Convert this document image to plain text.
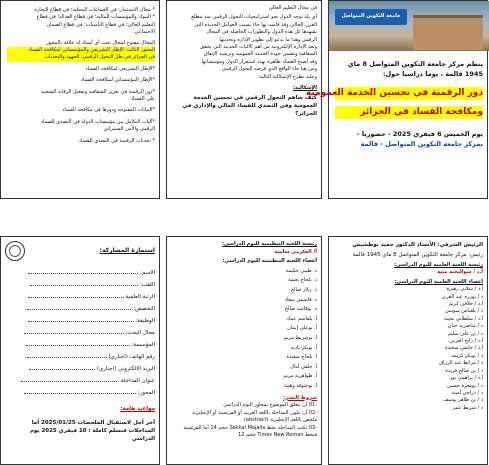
* مجال الاستثمار: في الجماعات المحلية؛ في قطاع التجارة
* البنوك والمؤسسات المالية؛ في قطاع العدالة؛ في قطاع
التعليم العالي؛ في قطاع التأمينات؛ في قطاع الضمان
الاجتماعي.
المجال مفتوح لمجال بحث أي أستاذ له علاقة بالمحور
المحور الثالث: الإطار التشريعي والمؤسساتي لمكافحة الفساد
في الجزائر في ظل التحول الرقمي: الجهود والتحديات
*الإطار التشريعي لمكافحة الفساد
*الإطار المؤسساتي لمكافحة الفساد
*دور الرقمنة في تعزيز الشفافية وتفعيل الرقابة الشعبية
على الفساد
*البيانات المفتوحة ودورها في مكافحة الفساد
*آليات التكامل بين مؤسسات الدولة في التصدي للفساد
الرقمي والأمن السيبراني
* تحديات الرقمنة في التصدي للفساد
في مجال التعليم العالي
أي بلد توجه الدول نحو استراتيجيات التحول الرقمي منذ مطلع
القرن الحالي وقد قامت بها جاء بسبب العوامل الجديدة التي
تشهدها كل هذه الدول والتطورات الحاصلة في المجال
الرقمي وهذا ما يدعو إلى تطوير الإدارة وتحديثها
وتعد الإدارة الإلكترونية من أهم الآليات الحديثة التي تحقق
الشفافية وتضمن جودة الخدمة العمومية وترشيد الإنفاق
وقد أصبح الفساد ظاهرة تهدد استقرار الدول ومؤسساتها
ومن هنا جاء الواقع الذي فرضه التحول الرقمي
وعليه نطرح الإشكالية التالية:
الإشكالية:
كيف ساهم التحول الرقمي في تحسين الخدمة العمومية وفي التصدي للفساد المالي والإداري في الجزائر؟
جامعة التكوين المتواصل
ينظم مركز جامعة التكوين المتواصل 8 ماي
1945 قالمة ، يوما دراسيا حول:
دور الرقمنة في تحسين الخدمة العمومية
ومكافحة الفساد في الجزائر
يوم الخميس 6 فيفري 2025 - حضوريا -
بمركز جامعة التكوين المتواصل - قالمة
استمارة المشاركة:
الاسم:
اللقب:
الرتبة العلمية
التخصص:
الوظيفة:
مجال البحث:
المؤسسة:
رقم الهاتف (اجباري)
البريد الالكتروني (اجباري)
عنوان المداخلة:
المحور:
مواعيد هامة:
آخر أجل لاستقبال الملخصات 2025/01/25 أما
المداخلات فتسلم كاملة : 10 فيفري 2025 يوم
الدراسي
رئيسة اللجنة التنظيمية لليوم الدراسي:
أ/ العكرمي سامية
أعضاء اللجنة التنظيمية لليوم الدراسي:
د. طيبي حكيمة
د. بلحاج نعيمة
د. زكار صالح
د. قاسمي سعاد
د. بوقاسة صالح
أ. بلقاسم عماد
أ. بوعلي إيمان
أ. بوشريط مريم
أ. بوبكر نادية
أ. بلحاج سعيدة
أ. خلفي أمال
أ. طواهرية مريم
أ. بوخنوفة وهيبة
شروط النشر:
-01 أن يتعلق الموضوع بمحاور اليوم الدراسي
-02 أن تكون المداخلة باللغة العربية أو الفرنسية أو الإنجليزية
ملخص باللغة الإنجليزية (abstract)
-03 تكتب المداخلة بخط Sakkal Majalla حجم 14 أما الفرنسية
فبخط Times New Roman حجم 12
الرئيس الشرفي: الأستاذ الدكتور حميد بوطشيش
رئيس: مركز جامعة التكوين المتواصل 8 ماي 1945 قالمة
رئيسة اللجنة العلمية لليوم الدراسي:
أ.د / شواليخية منية
أعضاء اللجنة العلمية لليوم الدراسي:
أ.د / شلابي زهيرة
د / بوزرة عبد العزيز
أ.د / خلافي كريم
د / بلعباس سوسن
أ.د / سلطاني نجيبة
د / مناصرية حنان
د / بن علي سليم
أ.د / رابح العربي
أ.د / خليفي سعيدة
د / بوبكر كريمة
د / مرابط عبد الرزاق
د / بن صالح فريدة
أ.د / براهمي نور
د / بومعزة حسين
د / دراجي أمينة
د / بن طاهر يوسف
د / شريط عمر
